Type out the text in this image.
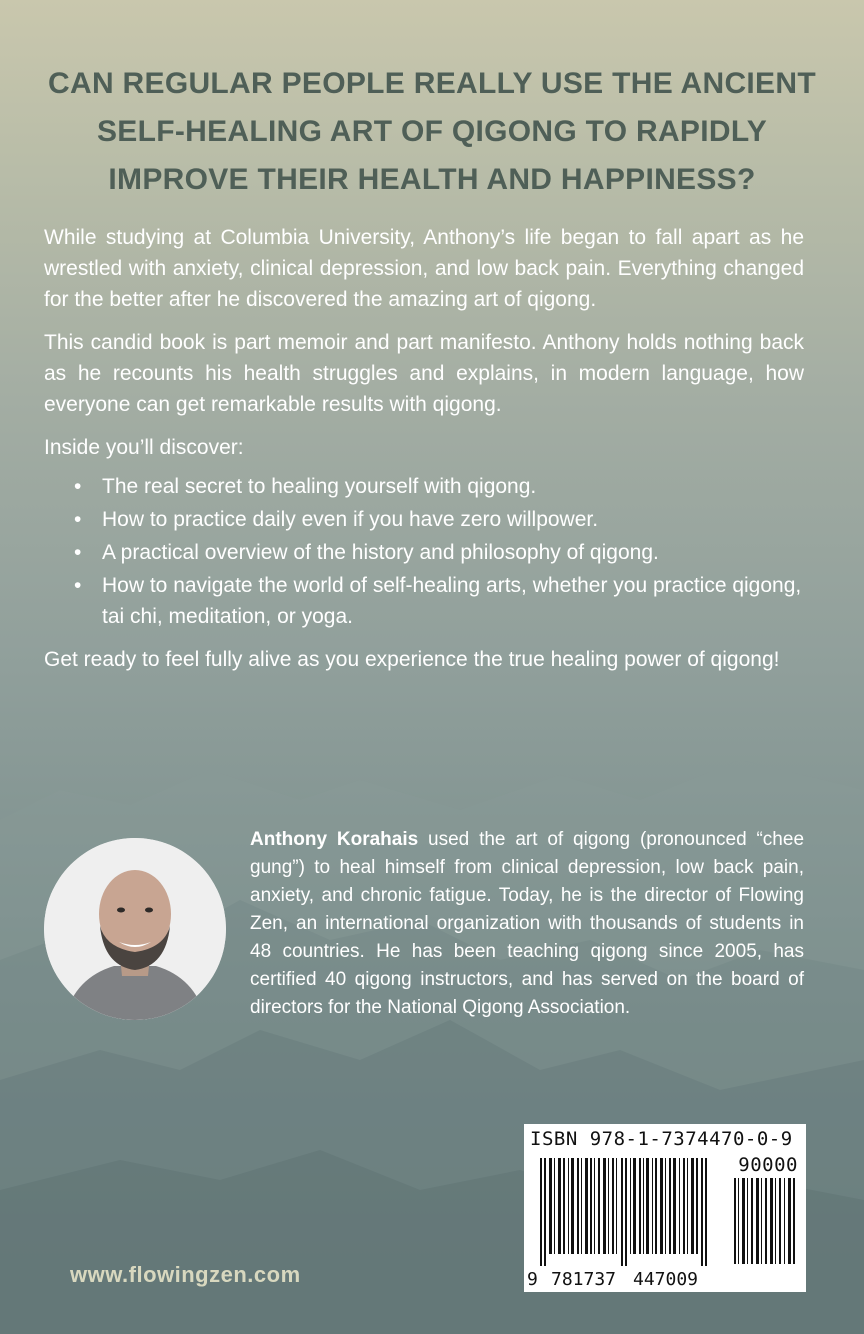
CAN REGULAR PEOPLE REALLY USE THE ANCIENT
SELF-HEALING ART OF QIGONG TO RAPIDLY
IMPROVE THEIR HEALTH AND HAPPINESS?

While studying at Columbia University, Anthony’s life began to fall apart as he wrestled with anxiety, clinical depression, and low back pain. Everything changed for the better after he discovered the amazing art of qigong.

This candid book is part memoir and part manifesto. Anthony holds nothing back as he recounts his health struggles and explains, in modern language, how everyone can get remarkable results with qigong.

Inside you’ll discover:

• The real secret to healing yourself with qigong.
• How to practice daily even if you have zero willpower.
• A practical overview of the history and philosophy of qigong.
• How to navigate the world of self-healing arts, whether you practice qigong, tai chi, meditation, or yoga.

Get ready to feel fully alive as you experience the true healing power of qigong!

Anthony Korahais used the art of qigong (pronounced “chee gung”) to heal himself from clinical depression, low back pain, anxiety, and chronic fatigue. Today, he is the director of Flowing Zen, an international organization with thousands of students in 48 countries. He has been teaching qigong since 2005, has certified 40 qigong instructors, and has served on the board of directors for the National Qigong Association.
ISBN 978-1-7374470-0-9
90000
9 781737 447009
www.flowingzen.com
